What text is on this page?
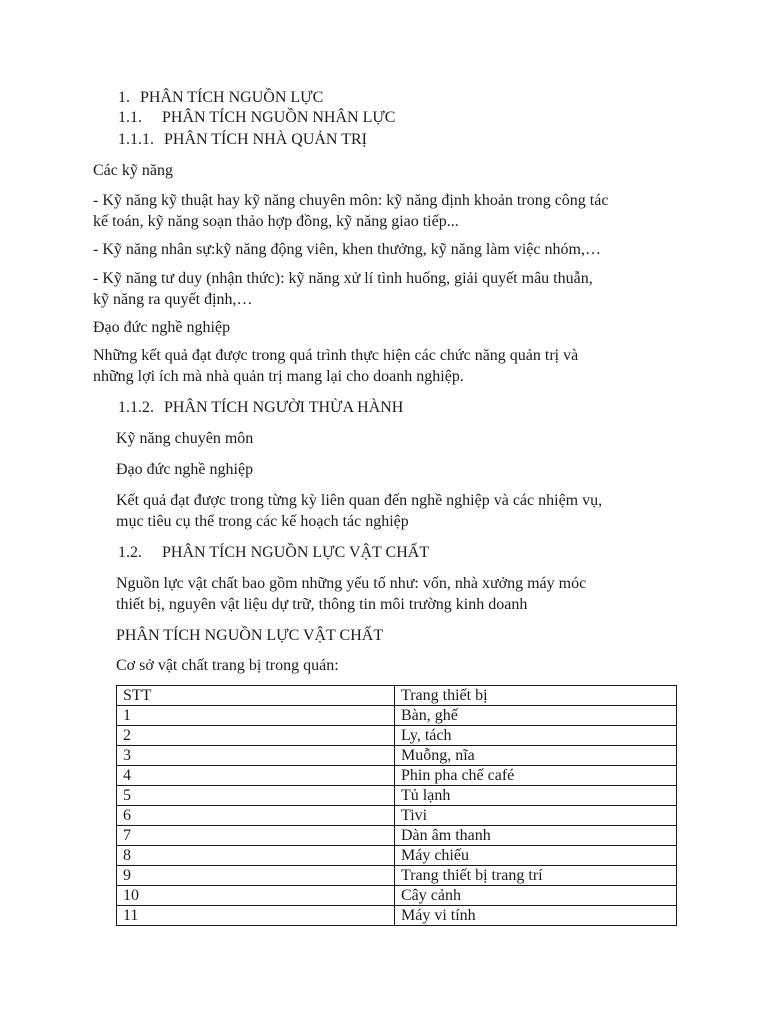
1. PHÂN TÍCH NGUỒN LỰC
1.1. PHÂN TÍCH NGUỒN NHÂN LỰC
1.1.1. PHÂN TÍCH NHÀ QUẢN TRỊ
Các kỹ năng
- Kỹ năng kỹ thuật hay kỹ năng chuyên môn: kỹ năng định khoản trong công tác
kế toán, kỹ năng soạn thảo hợp đồng, kỹ năng giao tiếp...
- Kỹ năng nhân sự:kỹ năng động viên, khen thưởng, kỹ năng làm việc nhóm,…
- Kỹ năng tư duy (nhận thức): kỹ năng xử lí tình huống, giải quyết mâu thuẫn,
kỹ năng ra quyết định,…
Đạo đức nghề nghiệp
Những kết quả đạt được trong quá trình thực hiện các chức năng quản trị và
những lợi ích mà nhà quản trị mang lại cho doanh nghiệp.
1.1.2. PHÂN TÍCH NGƯỜI THỪA HÀNH
Kỹ năng chuyên môn
Đạo đức nghề nghiệp
Kết quả đạt được trong từng kỳ liên quan đến nghề nghiệp và các nhiệm vụ,
mục tiêu cụ thể trong các kế hoạch tác nghiệp
1.2. PHÂN TÍCH NGUỒN LỰC VẬT CHẤT
Nguồn lực vật chất bao gồm những yếu tố như: vốn, nhà xưởng máy móc
thiết bị, nguyên vật liệu dự trữ, thông tin môi trường kinh doanh
PHÂN TÍCH NGUỒN LỰC VẬT CHẤT
Cơ sở vật chất trang bị trong quán:
STT	Trang thiết bị
1	Bàn, ghế
2	Ly, tách
3	Muỗng, nĩa
4	Phin pha chế café
5	Tủ lạnh
6	Tivi
7	Dàn âm thanh
8	Máy chiếu
9	Trang thiết bị trang trí
10	Cây cảnh
11	Máy vi tính
